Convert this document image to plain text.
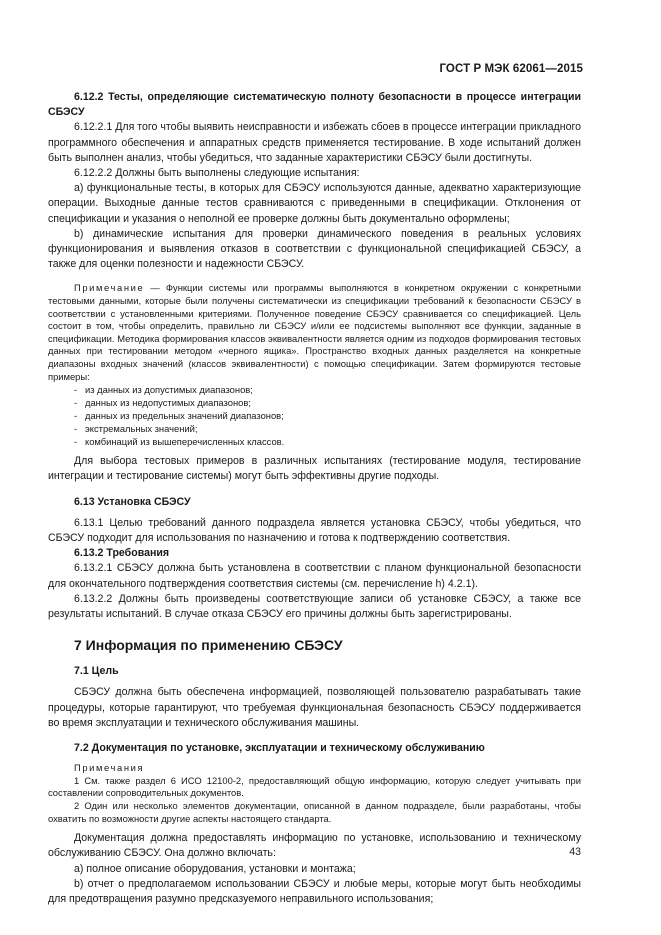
ГОСТ Р МЭК 62061—2015

6.12.2 Тесты, определяющие систематическую полноту безопасности в процессе интеграции СБЭСУ

6.12.2.1 Для того чтобы выявить неисправности и избежать сбоев в процессе интеграции прикладного программного обеспечения и аппаратных средств применяется тестирование. В ходе испытаний должен быть выполнен анализ, чтобы убедиться, что заданные характеристики СБЭСУ были достигнуты.

6.12.2.2 Должны быть выполнены следующие испытания:

a) функциональные тесты, в которых для СБЭСУ используются данные, адекватно характеризующие операции. Выходные данные тестов сравниваются с приведенными в спецификации. Отклонения от спецификации и указания о неполной ее проверке должны быть документально оформлены;

b) динамические испытания для проверки динамического поведения в реальных условиях функционирования и выявления отказов в соответствии с функциональной спецификацией СБЭСУ, а также для оценки полезности и надежности СБЭСУ.

Примечание — Функции системы или программы выполняются в конкретном окружении с конкретными тестовыми данными, которые были получены систематически из спецификации требований к безопасности СБЭСУ в соответствии с установленными критериями. Полученное поведение СБЭСУ сравнивается со спецификацией. Цель состоит в том, чтобы определить, правильно ли СБЭСУ и/или ее подсистемы выполняют все функции, заданные в спецификации. Методика формирования классов эквивалентности является одним из подходов формирования тестовых данных при тестировании методом «черного ящика». Пространство входных данных разделяется на конкретные диапазоны входных значений (классов эквивалентности) с помощью спецификации. Затем формируются тестовые примеры:

- из данных из допустимых диапазонов;
- данных из недопустимых диапазонов;
- данных из предельных значений диапазонов;
- экстремальных значений;
- комбинаций из вышеперечисленных классов.

Для выбора тестовых примеров в различных испытаниях (тестирование модуля, тестирование интеграции и тестирование системы) могут быть эффективны другие подходы.

6.13 Установка СБЭСУ

6.13.1 Целью требований данного подраздела является установка СБЭСУ, чтобы убедиться, что СБЭСУ подходит для использования по назначению и готова к подтверждению соответствия.

6.13.2 Требования

6.13.2.1 СБЭСУ должна быть установлена в соответствии с планом функциональной безопасности для окончательного подтверждения соответствия системы (см. перечисление h) 4.2.1).

6.13.2.2 Должны быть произведены соответствующие записи об установке СБЭСУ, а также все результаты испытаний. В случае отказа СБЭСУ его причины должны быть зарегистрированы.

7 Информация по применению СБЭСУ

7.1 Цель

СБЭСУ должна быть обеспечена информацией, позволяющей пользователю разрабатывать такие процедуры, которые гарантируют, что требуемая функциональная безопасность СБЭСУ поддерживается во время эксплуатации и технического обслуживания машины.

7.2 Документация по установке, эксплуатации и техническому обслуживанию

Примечания

1 См. также раздел 6 ИСО 12100-2, предоставляющий общую информацию, которую следует учитывать при составлении сопроводительных документов.

2 Один или несколько элементов документации, описанной в данном подразделе, были разработаны, чтобы охватить по возможности другие аспекты настоящего стандарта.

Документация должна предоставлять информацию по установке, использованию и техническому обслуживанию СБЭСУ. Она должно включать:

a) полное описание оборудования, установки и монтажа;

b) отчет о предполагаемом использовании СБЭСУ и любые меры, которые могут быть необходимы для предотвращения разумно предсказуемого неправильного использования;

43
